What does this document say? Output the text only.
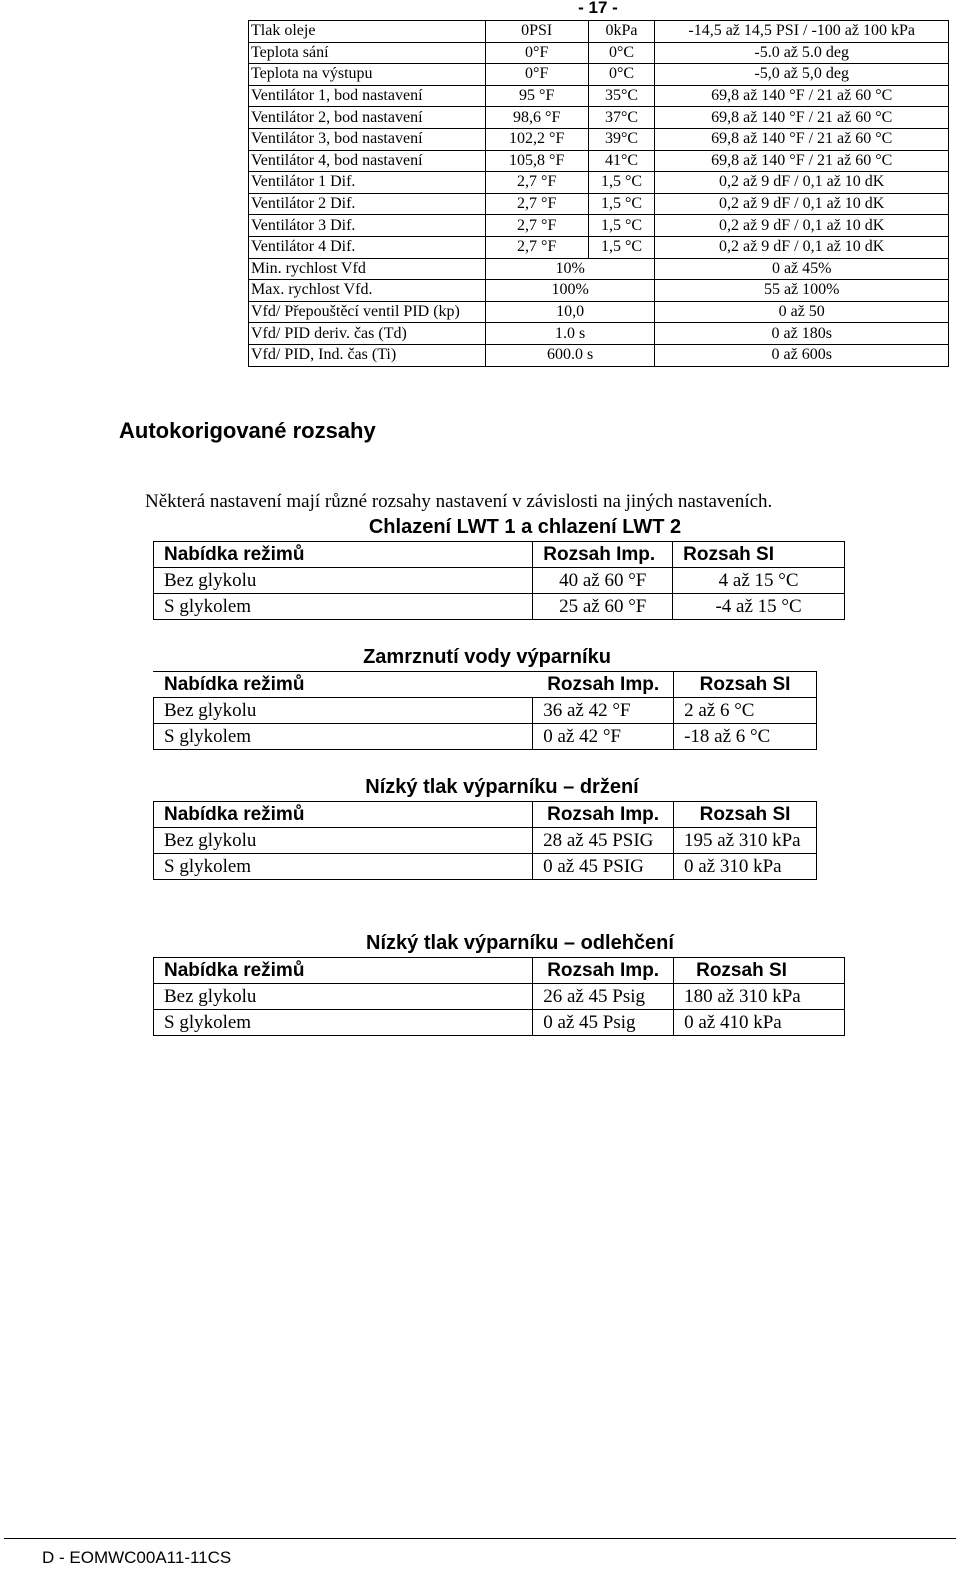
- 17 -
Tlak oleje	0PSI	0kPa	-14,5 až 14,5 PSI / -100 až 100 kPa
Teplota sání	0°F	0°C	-5.0 až 5.0 deg
Teplota na výstupu	0°F	0°C	-5,0 až 5,0 deg
Ventilátor 1, bod nastavení	95 °F	35°C	69,8 až 140 °F / 21 až 60 °C
Ventilátor 2, bod nastavení	98,6 °F	37°C	69,8 až 140 °F / 21 až 60 °C
Ventilátor 3, bod nastavení	102,2 °F	39°C	69,8 až 140 °F / 21 až 60 °C
Ventilátor 4, bod nastavení	105,8 °F	41°C	69,8 až 140 °F / 21 až 60 °C
Ventilátor 1 Dif.	2,7 °F	1,5 °C	0,2 až 9 dF / 0,1 až 10 dK
Ventilátor 2 Dif.	2,7 °F	1,5 °C	0,2 až 9 dF / 0,1 až 10 dK
Ventilátor 3 Dif.	2,7 °F	1,5 °C	0,2 až 9 dF / 0,1 až 10 dK
Ventilátor 4 Dif.	2,7 °F	1,5 °C	0,2 až 9 dF / 0,1 až 10 dK
Min. rychlost Vfd	10%		0 až 45%
Max. rychlost Vfd.	100%		55 až 100%
Vfd/ Přepouštěcí ventil PID (kp)	10,0		0 až 50
Vfd/ PID deriv. čas (Td)	1.0 s		0 až 180s
Vfd/ PID, Ind. čas (Ti)	600.0 s		0 až 600s
Autokorigované rozsahy

Některá nastavení mají různé rozsahy nastavení v závislosti na jiných nastaveních.

Chlazení LWT 1 a chlazení LWT 2
Nabídka režimů	Rozsah Imp.	Rozsah SI
Bez glykolu	40 až 60 °F	4 až 15 °C
S glykolem	25 až 60 °F	-4 až 15 °C
Zamrznutí vody výparníku
Nabídka režimů	Rozsah Imp.	Rozsah SI
Bez glykolu	36 až 42 °F	2 až 6 °C
S glykolem	0 až 42 °F	-18 až 6 °C
Nízký tlak výparníku – držení
Nabídka režimů	Rozsah Imp.	Rozsah SI
Bez glykolu	28 až 45 PSIG	195 až 310 kPa
S glykolem	0 až 45 PSIG	0 až 310 kPa
Nízký tlak výparníku – odlehčení
Nabídka režimů	Rozsah Imp.	Rozsah SI
Bez glykolu	26 až 45 Psig	180 až 310 kPa
S glykolem	0 až 45 Psig	0 až 410 kPa
D - EOMWC00A11-11CS
